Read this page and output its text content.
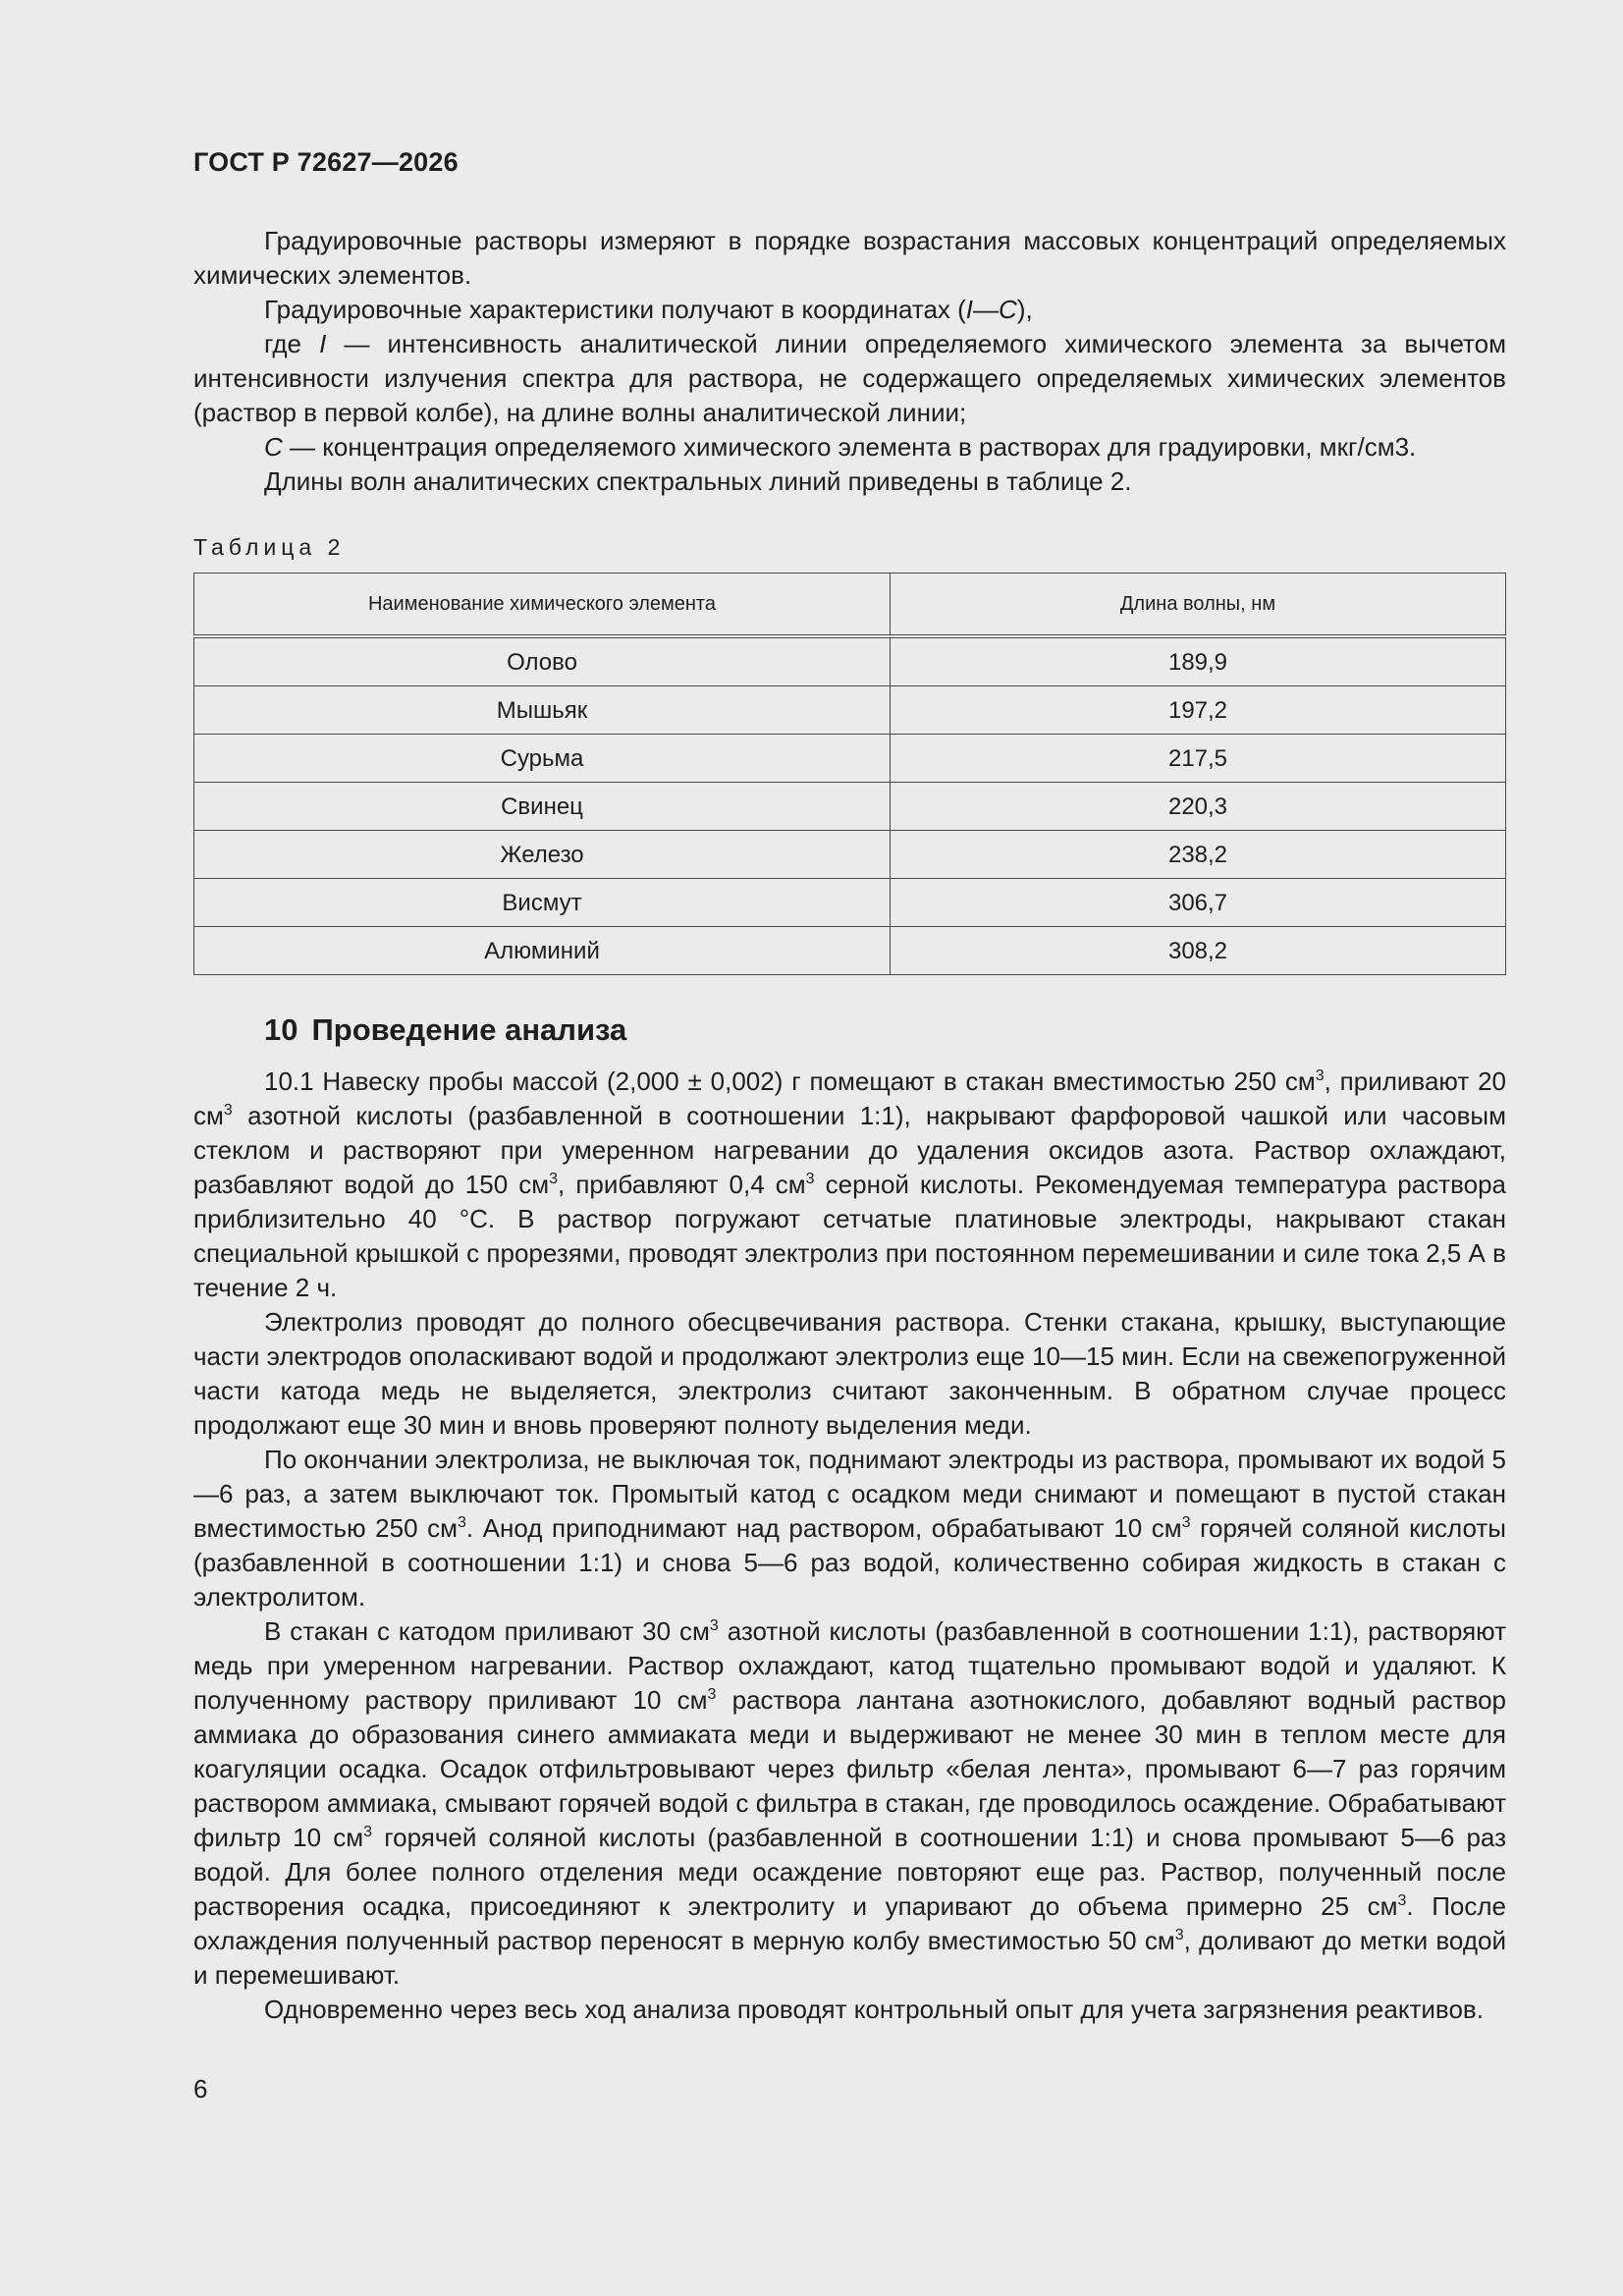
ГОСТ Р 72627—2026

Градуировочные растворы измеряют в порядке возрастания массовых концентраций определяемых химических элементов.

Градуировочные характеристики получают в координатах (I—C),

где I — интенсивность аналитической линии определяемого химического элемента за вычетом интенсивности излучения спектра для раствора, не содержащего определяемых химических элементов (раствор в первой колбе), на длине волны аналитической линии;

C — концентрация определяемого химического элемента в растворах для градуировки, мкг/см3.

Длины волн аналитических спектральных линий приведены в таблице 2.

Таблица 2
Наименование химического элемента	Длина волны, нм
Олово	189,9
Мышьяк	197,2
Сурьма	217,5
Свинец	220,3
Железо	238,2
Висмут	306,7
Алюминий	308,2
10 Проведение анализа

10.1 Навеску пробы массой (2,000 ± 0,002) г помещают в стакан вместимостью 250 $см^3$, приливают 20 $см^3$ азотной кислоты (разбавленной в соотношении 1:1), накрывают фарфоровой чашкой или часовым стеклом и растворяют при умеренном нагревании до удаления оксидов азота. Раствор охлаждают, разбавляют водой до 150 $см^3$, прибавляют 0,4 $см^3$ серной кислоты. Рекомендуемая температура раствора приблизительно 40 °С. В раствор погружают сетчатые платиновые электроды, накрывают стакан специальной крышкой с прорезями, проводят электролиз при постоянном перемешивании и силе тока 2,5 А в течение 2 ч.

Электролиз проводят до полного обесцвечивания раствора. Стенки стакана, крышку, выступающие части электродов ополаскивают водой и продолжают электролиз еще 10—15 мин. Если на свежепогруженной части катода медь не выделяется, электролиз считают законченным. В обратном случае процесс продолжают еще 30 мин и вновь проверяют полноту выделения меди.

По окончании электролиза, не выключая ток, поднимают электроды из раствора, промывают их водой 5—6 раз, а затем выключают ток. Промытый катод с осадком меди снимают и помещают в пустой стакан вместимостью 250 $см^3$. Анод приподнимают над раствором, обрабатывают 10 $см^3$ горячей соляной кислоты (разбавленной в соотношении 1:1) и снова 5—6 раз водой, количественно собирая жидкость в стакан с электролитом.

В стакан с катодом приливают 30 $см^3$ азотной кислоты (разбавленной в соотношении 1:1), растворяют медь при умеренном нагревании. Раствор охлаждают, катод тщательно промывают водой и удаляют. К полученному раствору приливают 10 $см^3$ раствора лантана азотнокислого, добавляют водный раствор аммиака до образования синего аммиаката меди и выдерживают не менее 30 мин в теплом месте для коагуляции осадка. Осадок отфильтровывают через фильтр «белая лента», промывают 6—7 раз горячим раствором аммиака, смывают горячей водой с фильтра в стакан, где проводилось осаждение. Обрабатывают фильтр 10 $см^3$ горячей соляной кислоты (разбавленной в соотношении 1:1) и снова промывают 5—6 раз водой. Для более полного отделения меди осаждение повторяют еще раз. Раствор, полученный после растворения осадка, присоединяют к электролиту и упаривают до объема примерно 25 $см^3$. После охлаждения полученный раствор переносят в мерную колбу вместимостью 50 $см^3$, доливают до метки водой и перемешивают.

Одновременно через весь ход анализа проводят контрольный опыт для учета загрязнения реактивов.

6
